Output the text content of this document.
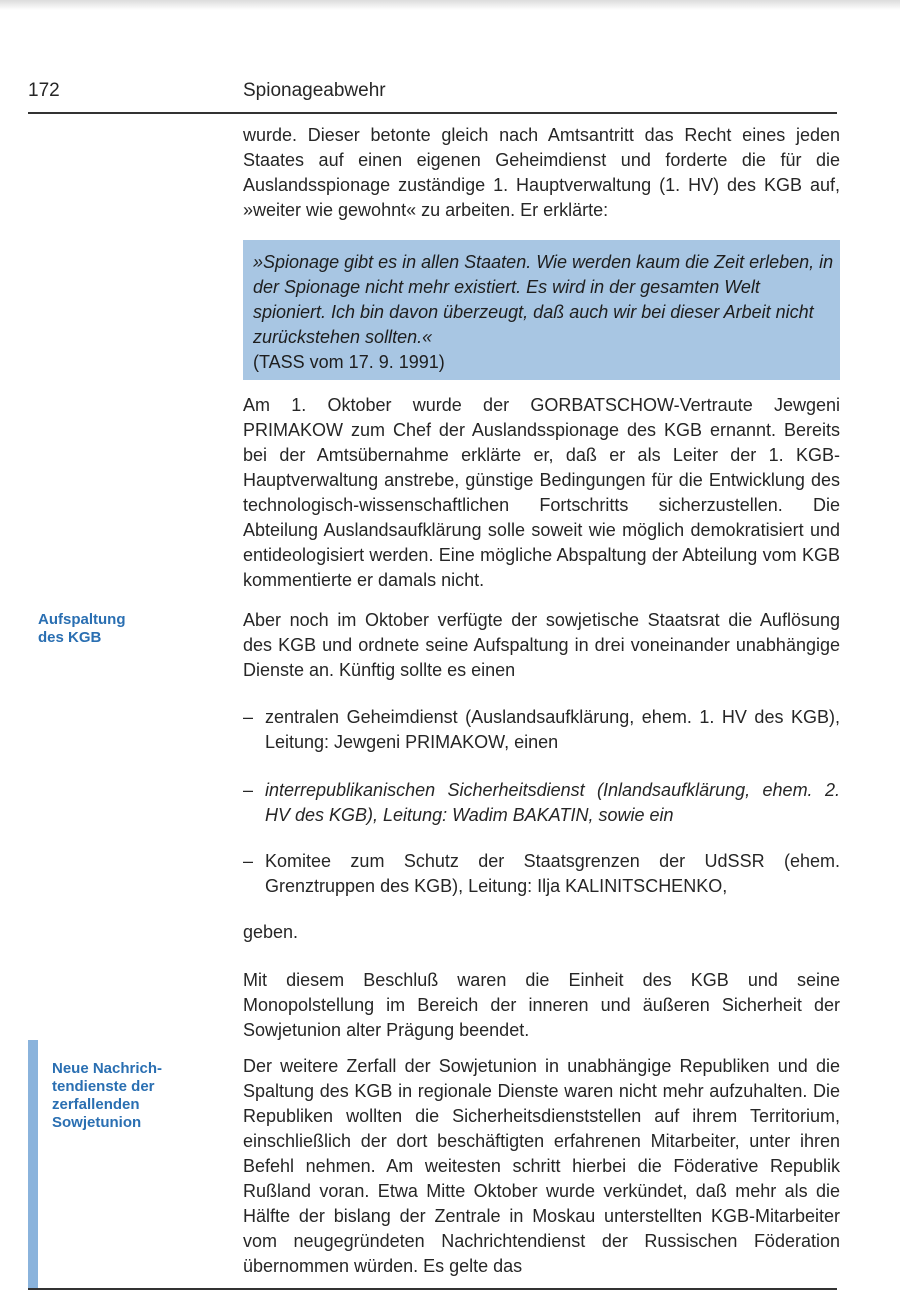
172	Spionageabwehr

wurde. Dieser betonte gleich nach Amtsantritt das Recht eines jeden Staates auf einen eigenen Geheimdienst und forderte die für die Auslandsspionage zuständige 1. Hauptverwaltung (1. HV) des KGB auf, »weiter wie gewohnt« zu arbeiten. Er erklärte:

»Spionage gibt es in allen Staaten. Wie werden kaum die Zeit erleben, in der Spionage nicht mehr existiert. Es wird in der gesamten Welt spioniert. Ich bin davon überzeugt, daß auch wir bei dieser Arbeit nicht zurückstehen sollten.«
(TASS vom 17. 9. 1991)

Am 1. Oktober wurde der GORBATSCHOW-Vertraute Jewgeni PRIMAKOW zum Chef der Auslandsspionage des KGB ernannt. Bereits bei der Amtsübernahme erklärte er, daß er als Leiter der 1. KGB-Hauptverwaltung anstrebe, günstige Bedingungen für die Entwicklung des technologisch-wissenschaftlichen Fortschritts sicherzustellen. Die Abteilung Auslandsaufklärung solle soweit wie möglich demokratisiert und entideologisiert werden. Eine mögliche Abspaltung der Abteilung vom KGB kommentierte er damals nicht.

Aufspaltung
des KGB

Aber noch im Oktober verfügte der sowjetische Staatsrat die Auflösung des KGB und ordnete seine Aufspaltung in drei voneinander unabhängige Dienste an. Künftig sollte es einen

– zentralen Geheimdienst (Auslandsaufklärung, ehem. 1. HV des KGB), Leitung: Jewgeni PRIMAKOW, einen
– interrepublikanischen Sicherheitsdienst (Inlandsaufklärung, ehem. 2. HV des KGB), Leitung: Wadim BAKATIN, sowie ein
– Komitee zum Schutz der Staatsgrenzen der UdSSR (ehem. Grenztruppen des KGB), Leitung: Ilja KALINITSCHENKO,

geben.

Mit diesem Beschluß waren die Einheit des KGB und seine Monopolstellung im Bereich der inneren und äußeren Sicherheit der Sowjetunion alter Prägung beendet.

Neue Nachrich-
tendienste der
zerfallenden
Sowjetunion

Der weitere Zerfall der Sowjetunion in unabhängige Republiken und die Spaltung des KGB in regionale Dienste waren nicht mehr aufzuhalten. Die Republiken wollten die Sicherheitsdienststellen auf ihrem Territorium, einschließlich der dort beschäftigten erfahrenen Mitarbeiter, unter ihren Befehl nehmen. Am weitesten schritt hierbei die Föderative Republik Rußland voran. Etwa Mitte Oktober wurde verkündet, daß mehr als die Hälfte der bislang der Zentrale in Moskau unterstellten KGB-Mitarbeiter vom neugegründeten Nachrichtendienst der Russischen Föderation übernommen würden. Es gelte das
